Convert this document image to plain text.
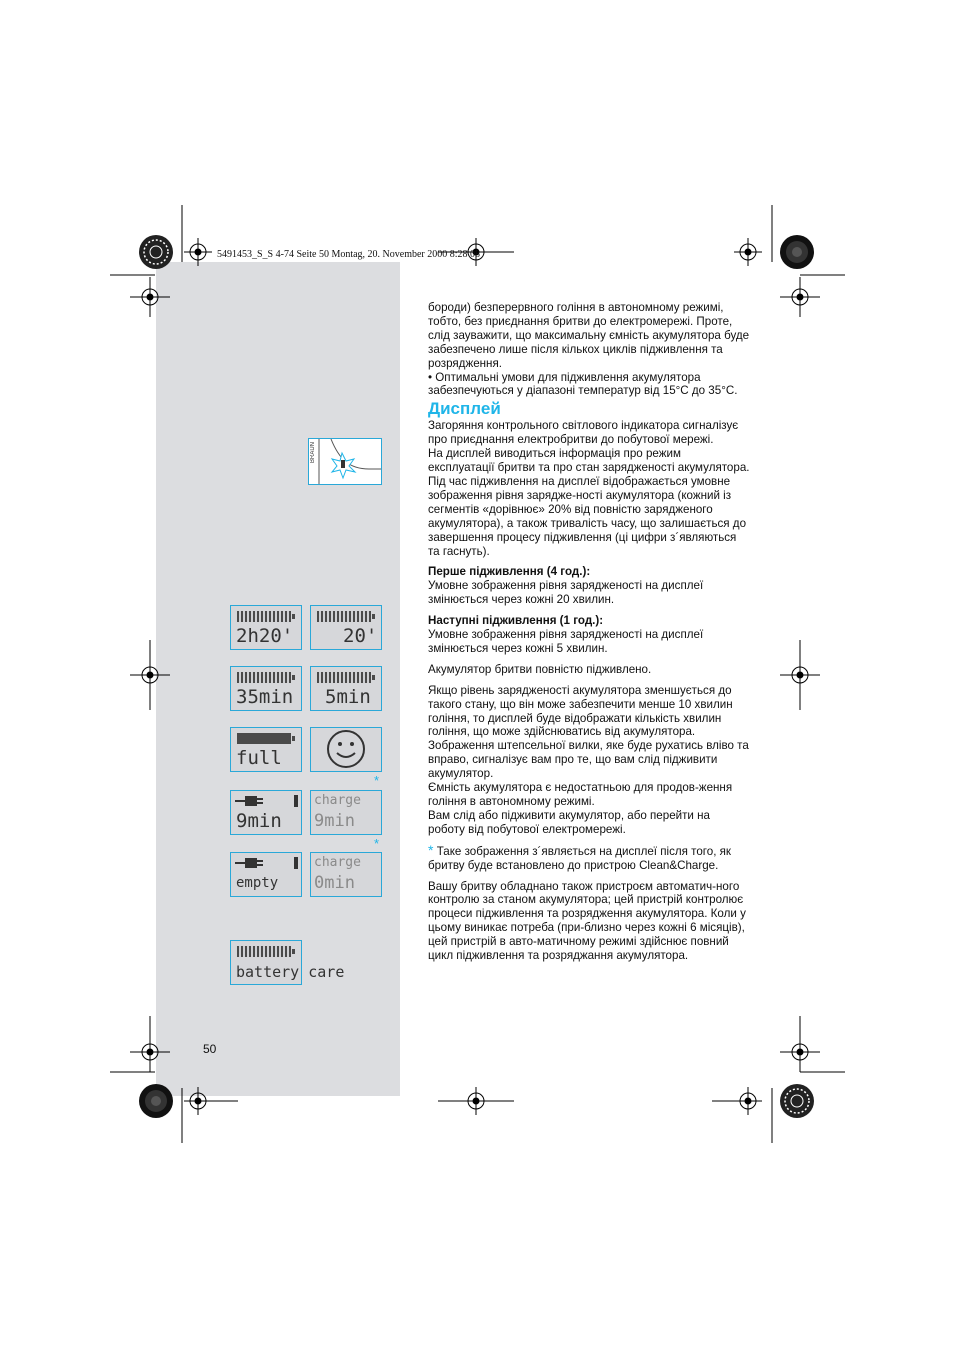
5491453_S_S 4-74 Seite 50 Montag, 20. November 2000 8:28 08
BRAUN
2h20'	20'
35min 5min
full
*
9min
charge
9min
*
empty
charge
0min
battery care

бороди) безперервного гоління в автономному режимі, тобто, без приєднання бритви до електромережі. Проте, слід зауважити, що максимальну ємність акумулятора буде забезпечено лише після кількох циклів підживлення та розрядження.

• Оптимальні умови для підживлення акумулятора забезпечуються у діапазоні температур від 15°C до 35°C.

Дисплей

Загоряння контрольного світлового індикатора сигналізує про приєднання електробритви до побутової мережі.

На дисплей виводиться інформація про режим експлуатації бритви та про стан зарядженості акумулятора. Під час підживлення на дисплеї відображається умовне зображення рівня зарядже-ності акумулятора (кожний із сегментів «дорівнює» 20% від повністю зарядженого акумулятора), а також тривалість часу, що залишається до завершення процесу підживлення (ці цифри з´являються та гаснуть).

Перше підживлення (4 год.):

Умовне зображення рівня зарядженості на дисплеї змінюється через кожні 20 хвилин.

Наступні підживлення (1 год.):

Умовне зображення рівня зарядженості на дисплеї змінюється через кожні 5 хвилин.

Акумулятор бритви повністю підживлено.

Якщо рівень зарядженості акумулятора зменшується до такого стану, що він може забезпечити менше 10 хвилин гоління, то дисплей буде відображати кількість хвилин гоління, що може здійснюватись від акумулятора. Зображення штепсельної вилки, яке буде рухатись вліво та вправо, сигналізує вам про те, що вам слід підживити акумулятор.

Ємність акумулятора є недостатньою для продов-ження гоління в автономному режимі.

Вам слід або підживити акумулятор, або перейти на роботу від побутової електромережі.

* Таке зображення з´являється на дисплеї після того, як бритву буде встановлено до пристрою Clean&Charge.

Вашу бритву обладнано також пристроєм автоматич-ного контролю за станом акумулятора; цей пристрій контролює процеси підживлення та розрядження акумулятора. Коли у цьому виникає потреба (при-близно через кожні 6 місяців), цей пристрій в авто-матичному режимі здійснює повний цикл підживлення та розряджання акумулятора.

50
